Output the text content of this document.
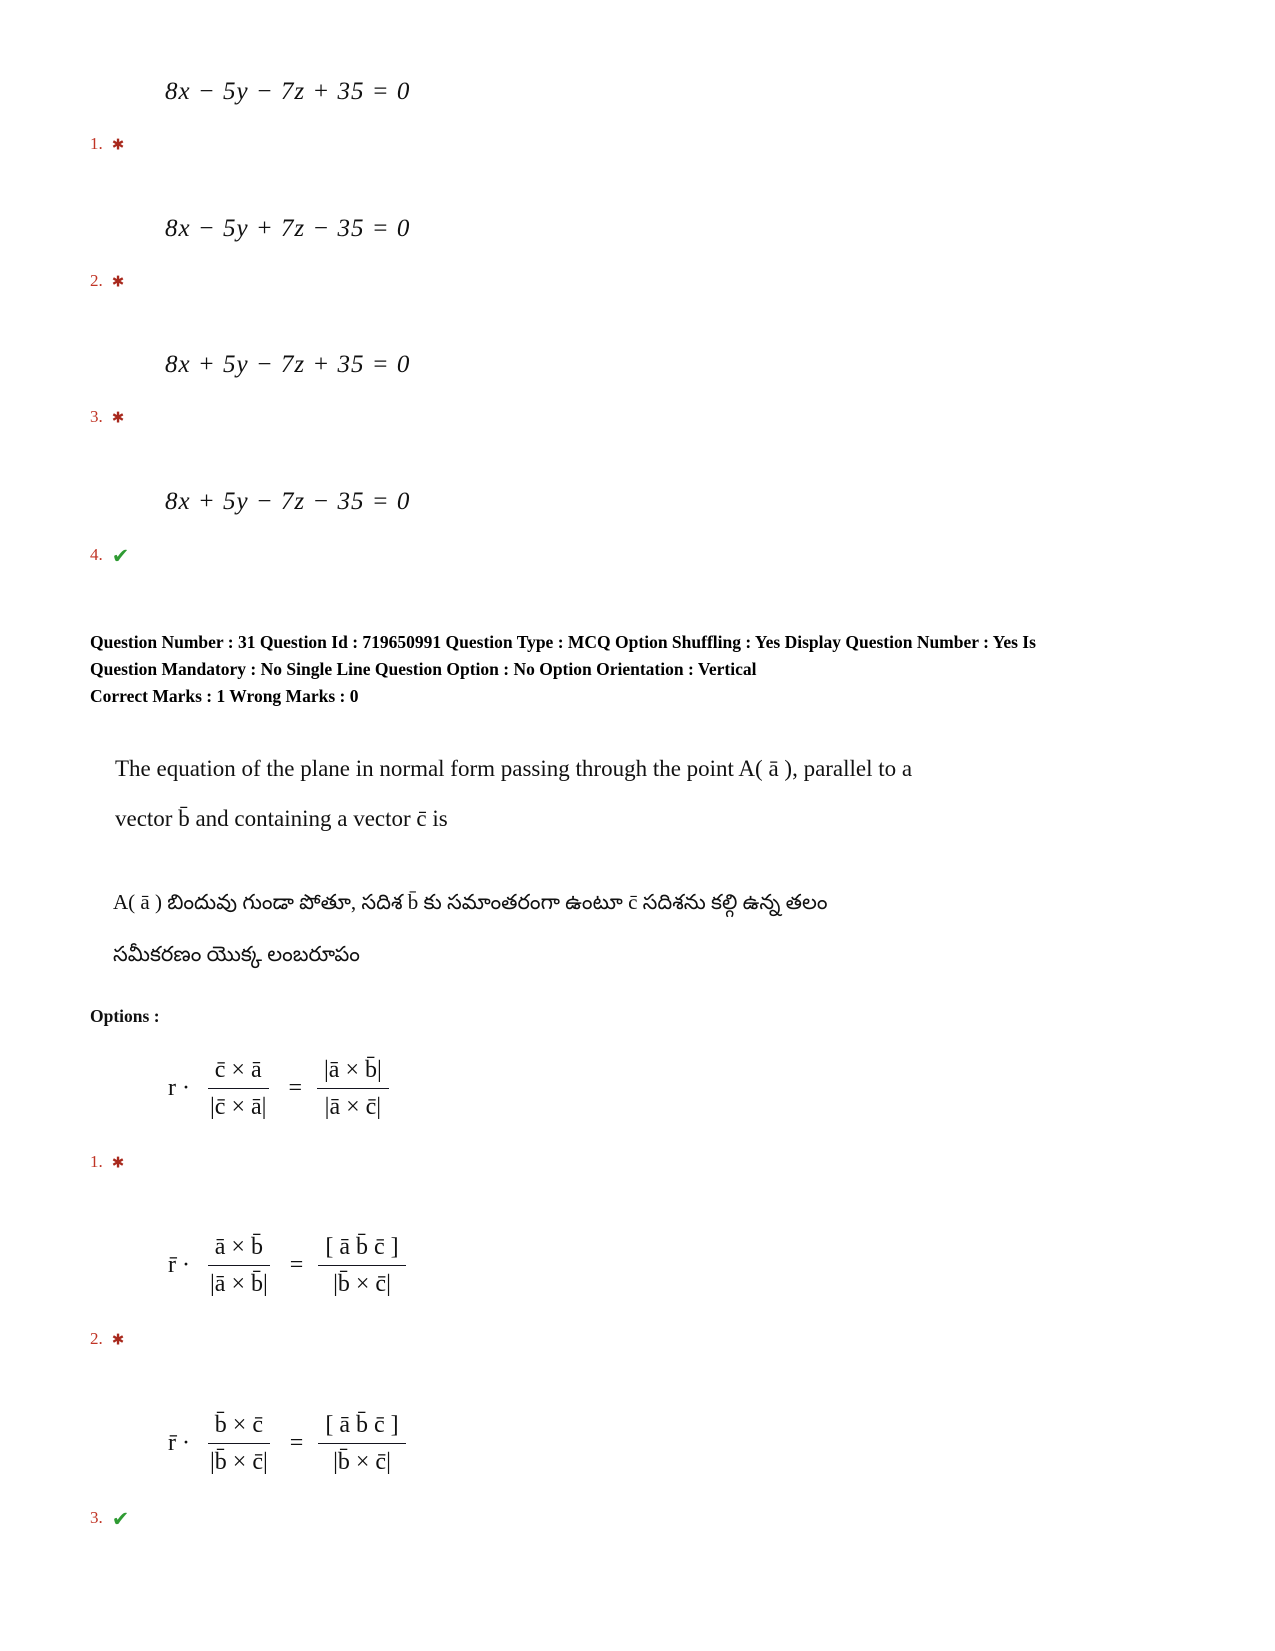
8x − 5y − 7z + 35 = 0
1. ✱
8x − 5y + 7z − 35 = 0
2. ✱
8x + 5y − 7z + 35 = 0
3. ✱
8x + 5y − 7z − 35 = 0
4. ✔
Question Number : 31 Question Id : 719650991 Question Type : MCQ Option Shuffling : Yes Display Question Number : Yes Is
Question Mandatory : No Single Line Question Option : No Option Orientation : Vertical
Correct Marks : 1 Wrong Marks : 0
The equation of the plane in normal form passing through the point A( ā ), parallel to a
vector b̄ and containing a vector c̄ is
A( ā ) బిందువు గుండా పోతూ, సదిశ b̄ కు సమాంతరంగా ఉంటూ c̄ సదిశను కల్గి ఉన్న తలం
సమీకరణం యొక్క లంబరూపం
Options :
$r \cdot \frac{c̄ \times ā}{|c̄ \times ā|} = \frac{|ā \times b̄|}{|ā \times c̄|}$
1. ✱
r̄ · $\frac{ā \times b̄}{|ā \times b̄|} = \frac{[ ā b̄ c̄ ]}{|b̄ \times c̄|}$
2. ✱
r̄ · $\frac{b̄ \times c̄}{|b̄ \times c̄|} = \frac{[ ā b̄ c̄ ]}{|b̄ \times c̄|}$
3. ✔
